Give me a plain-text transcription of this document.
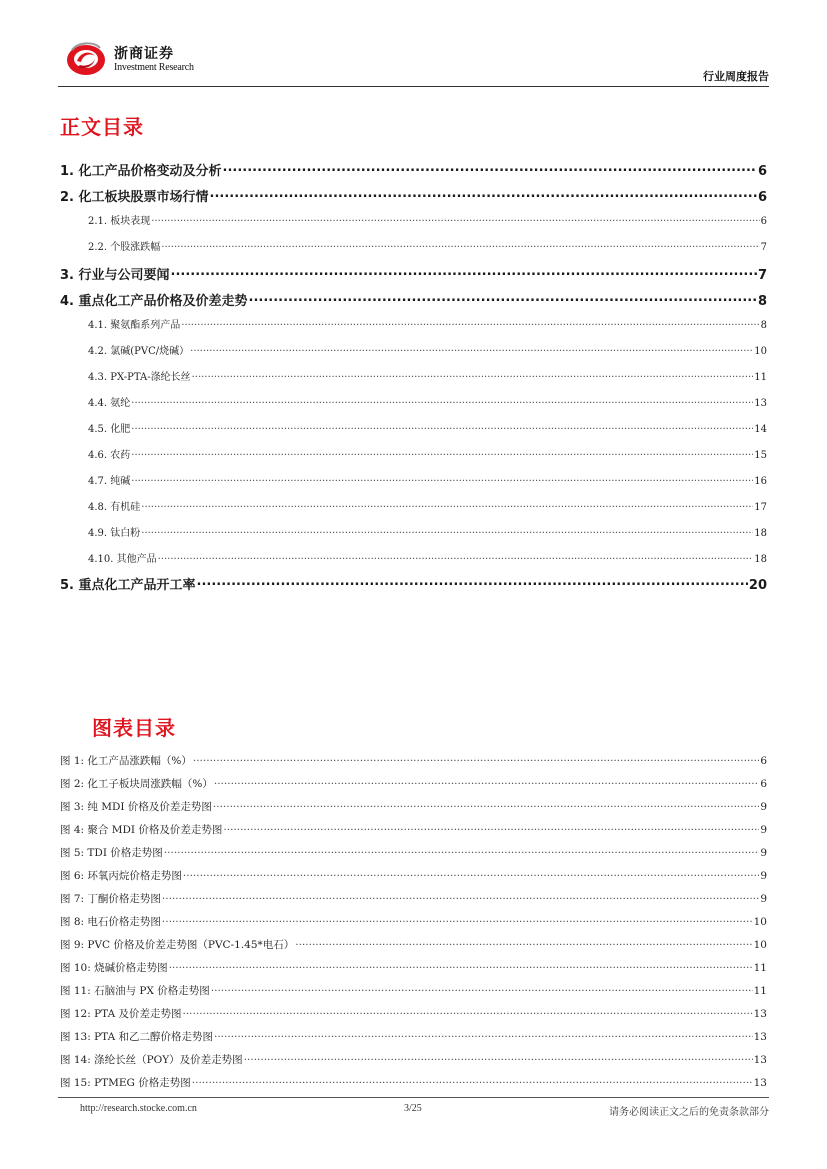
浙商证券
Investment Research
行业周度报告
正文目录
1. 化工产品价格变动及分析 .....	6
2. 化工板块股票市场行情 .....	6
2.1. 板块表现 .....	6
2.2. 个股涨跌幅 .....	7
3. 行业与公司要闻 .....	7
4. 重点化工产品价格及价差走势 .....	8
4.1. 聚氨酯系列产品 .....	8
4.2. 氯碱(PVC/烧碱） .....	10
4.3. PX-PTA-涤纶长丝 .....	11
4.4. 氨纶 .....	13
4.5. 化肥 .....	14
4.6. 农药 .....	15
4.7. 纯碱 .....	16
4.8. 有机硅 .....	17
4.9. 钛白粉 .....	18
4.10. 其他产品 .....	18
5. 重点化工产品开工率 .....	20
图表目录
图 1: 化工产品涨跌幅（%） .....	6
图 2: 化工子板块周涨跌幅（%） .....	6
图 3: 纯 MDI 价格及价差走势图 .....	9
图 4: 聚合 MDI 价格及价差走势图 .....	9
图 5: TDI 价格走势图 .....	9
图 6: 环氧丙烷价格走势图 .....	9
图 7: 丁酮价格走势图 .....	9
图 8: 电石价格走势图 .....	10
图 9: PVC 价格及价差走势图（PVC-1.45*电石） .....	10
图 10: 烧碱价格走势图 .....	11
图 11: 石脑油与 PX 价格走势图 .....	11
图 12: PTA 及价差走势图 .....	13
图 13: PTA 和乙二醇价格走势图 .....	13
图 14: 涤纶长丝（POY）及价差走势图 .....	13
图 15: PTMEG 价格走势图 .....	13
http://research.stocke.com.cn	3/25	请务必阅读正文之后的免责条款部分
